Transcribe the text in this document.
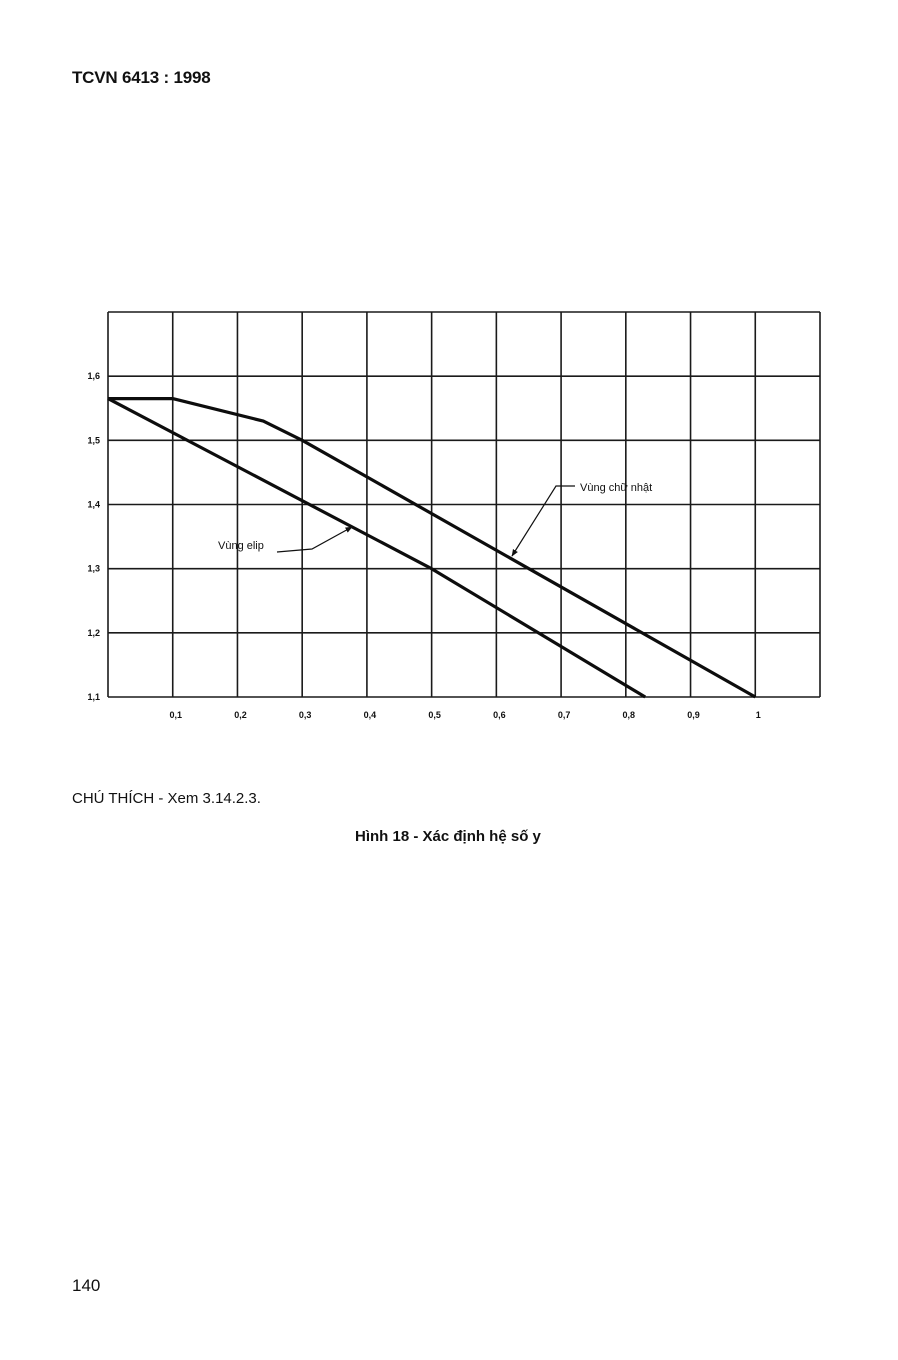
TCVN 6413 : 1998
0,1	0,2	0,3	0,4	0,5	0,6	0,7	0,8	0,9	1
1,6
1,5
1,4
1,3
1,2
1,1
Vùng chữ nhật
Vùng elip
CHÚ THÍCH - Xem 3.14.2.3.
Hình 18 - Xác định hệ số y
140
